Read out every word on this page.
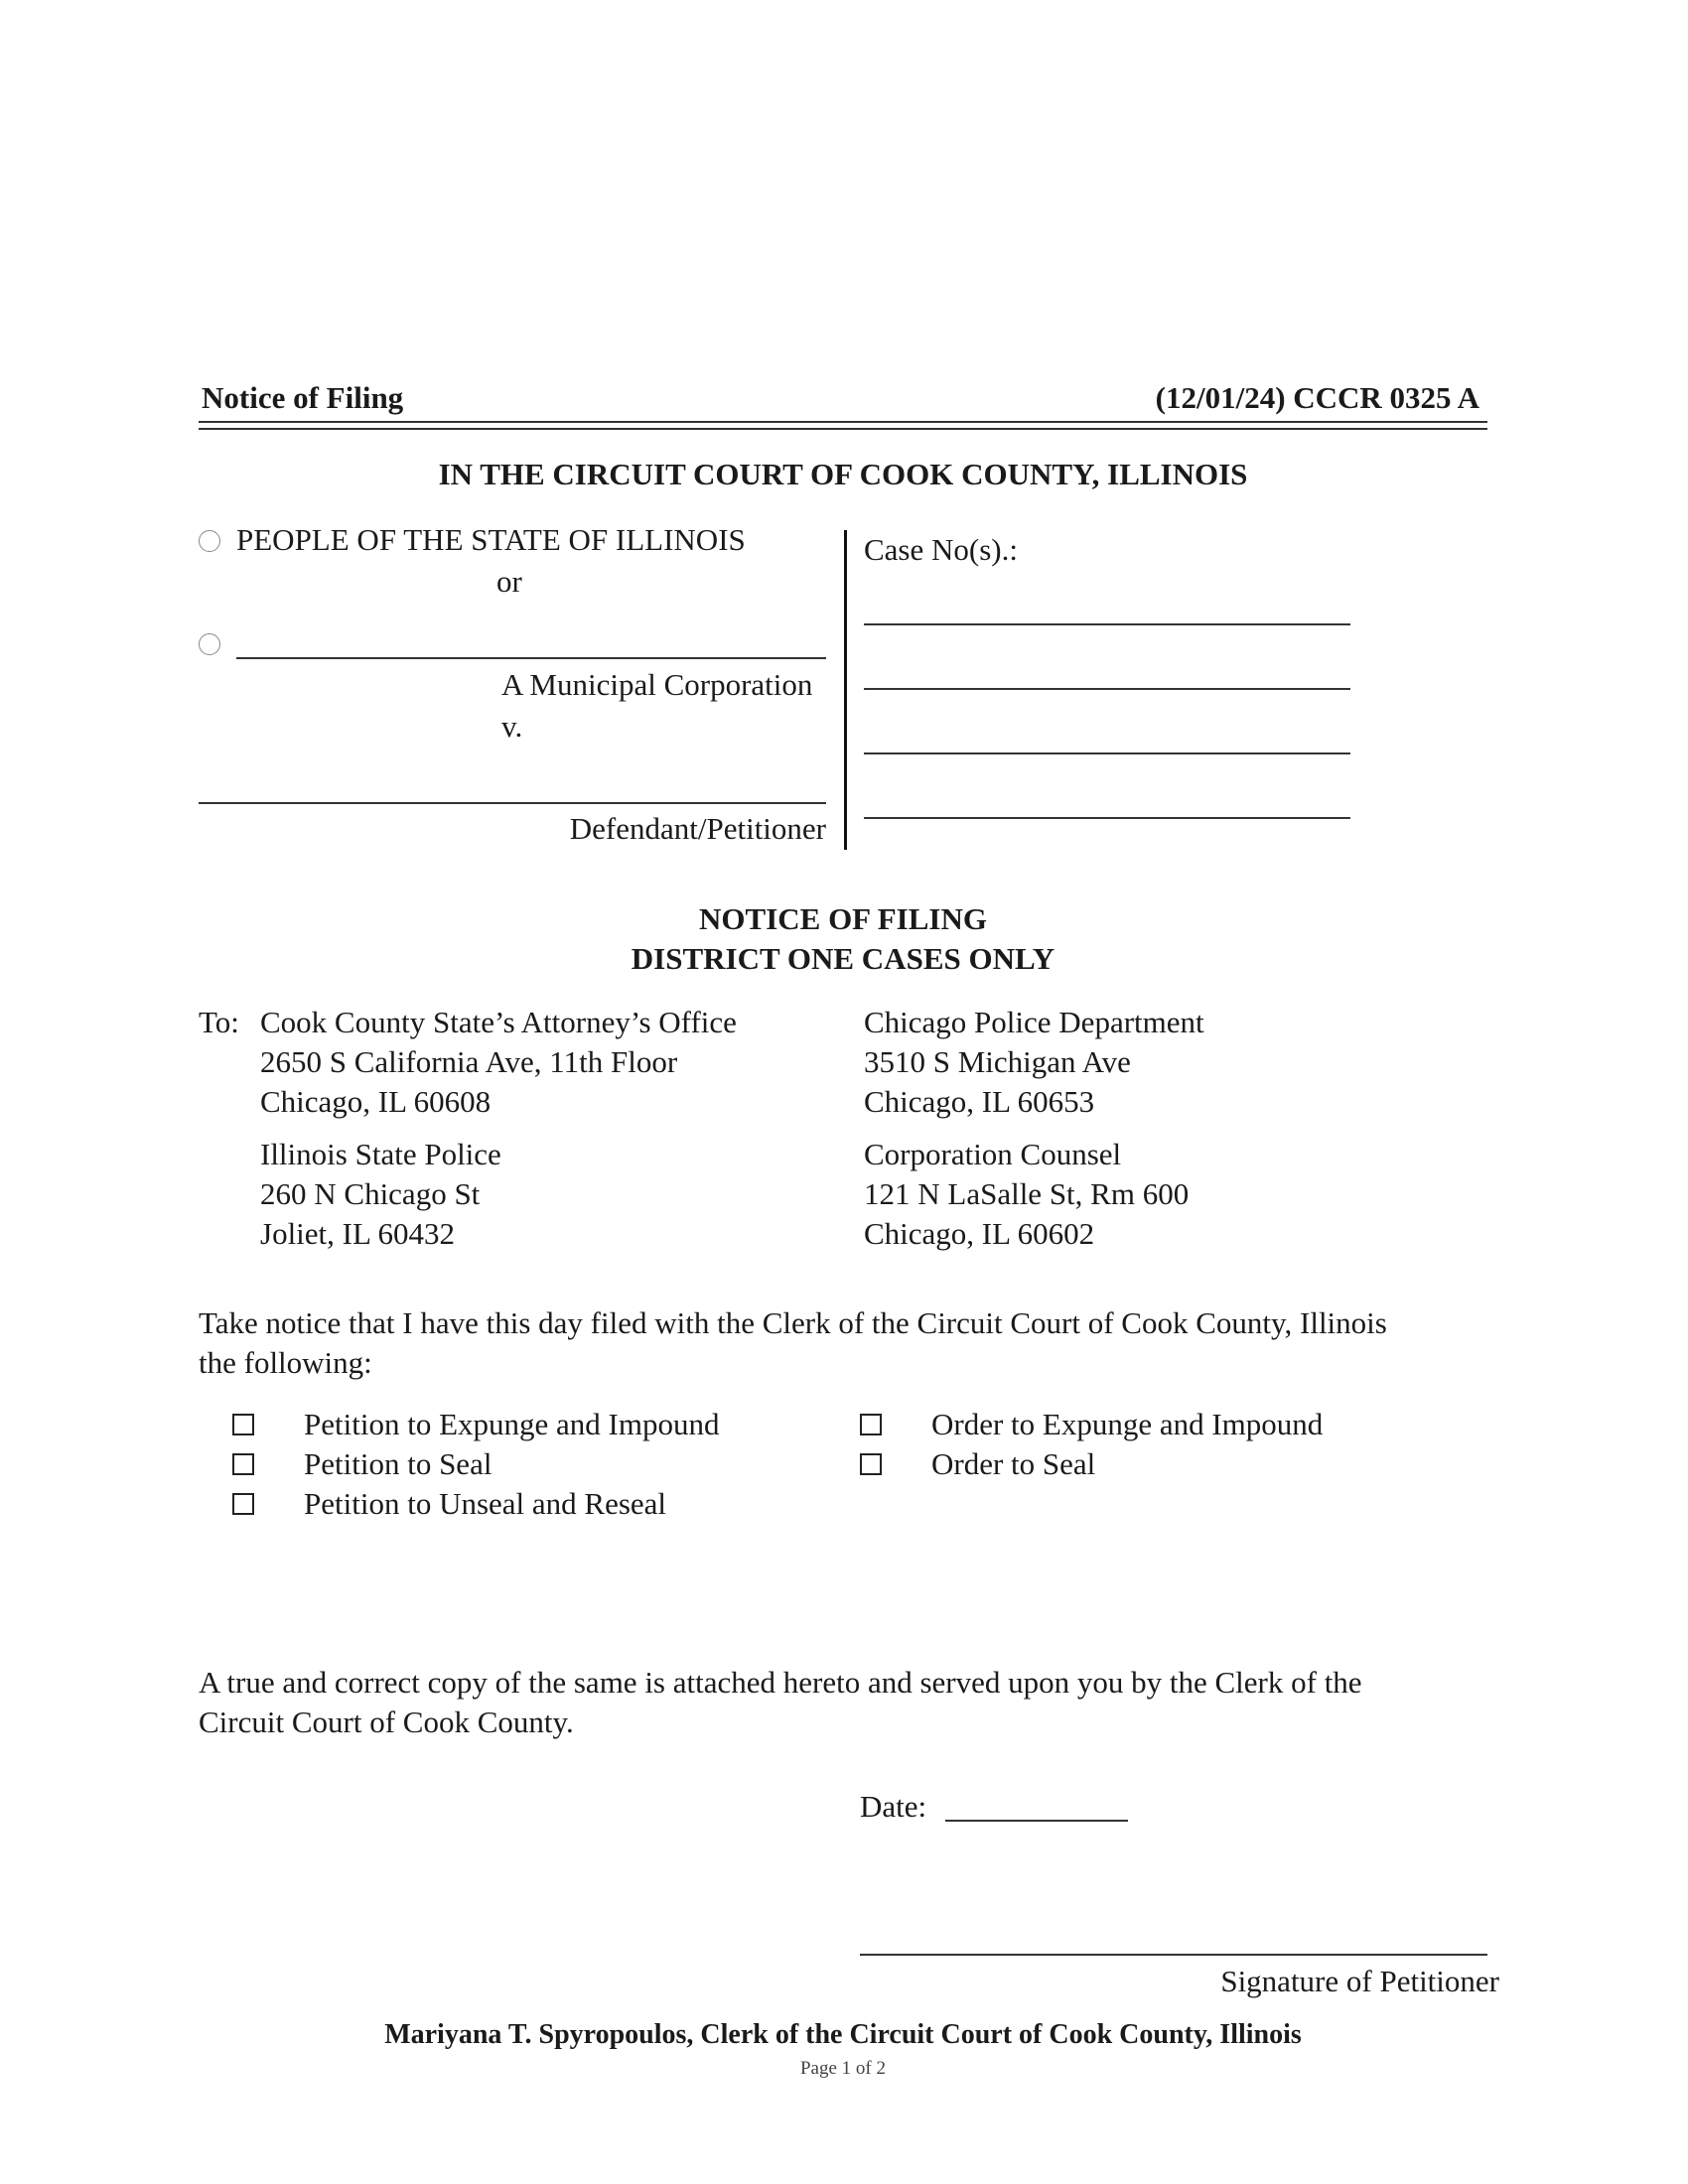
Notice of Filing	(12/01/24) CCCR 0325 A
IN THE CIRCUIT COURT OF COOK COUNTY, ILLINOIS
PEOPLE OF THE STATE OF ILLINOIS
or
A Municipal Corporation
v.
Defendant/Petitioner
Case No(s).:
NOTICE OF FILING
DISTRICT ONE CASES ONLY
To: Cook County State’s Attorney’s Office
2650 S California Ave, 11th Floor
Chicago, IL 60608
Chicago Police Department
3510 S Michigan Ave
Chicago, IL 60653
Illinois State Police
260 N Chicago St
Joliet, IL 60432
Corporation Counsel
121 N LaSalle St, Rm 600
Chicago, IL 60602
Take notice that I have this day filed with the Clerk of the Circuit Court of Cook County, Illinois
the following:
Petition to Expunge and Impound
Petition to Seal
Petition to Unseal and Reseal
Order to Expunge and Impound
Order to Seal
A true and correct copy of the same is attached hereto and served upon you by the Clerk of the
Circuit Court of Cook County.
Date:
Signature of Petitioner
Mariyana T. Spyropoulos, Clerk of the Circuit Court of Cook County, Illinois
Page 1 of 2
